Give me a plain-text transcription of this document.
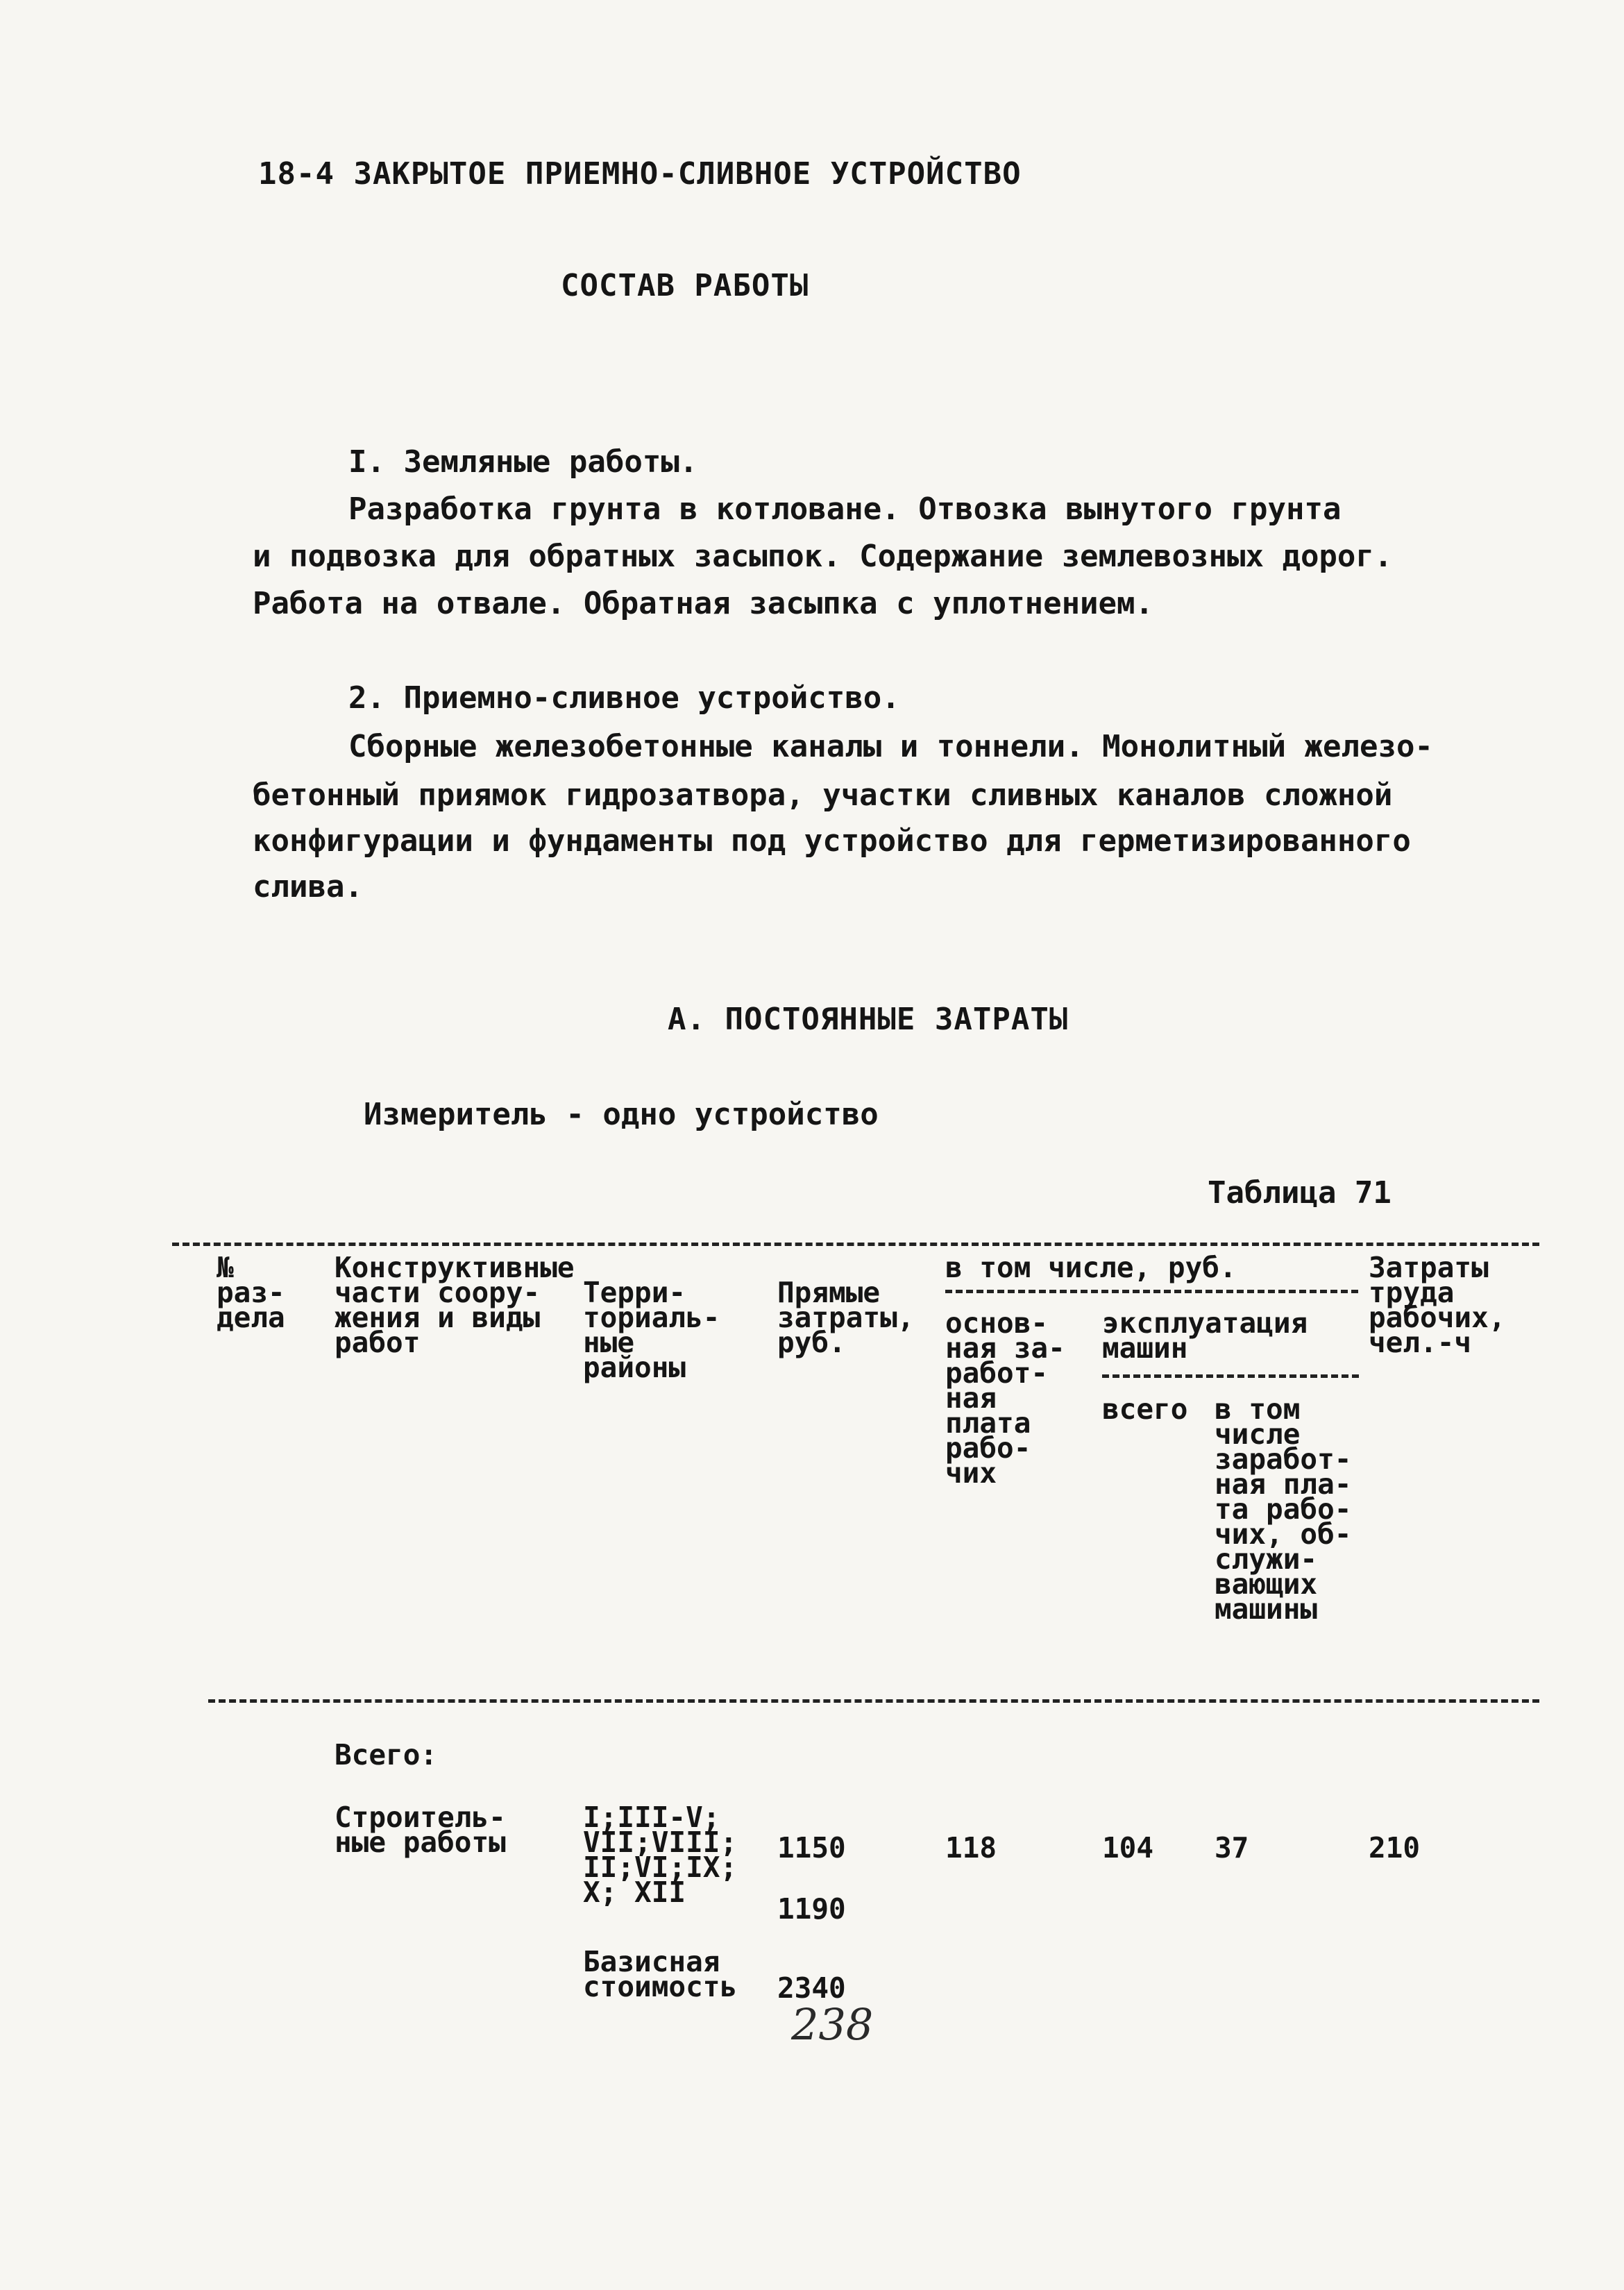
18-4 ЗАКРЫТОЕ ПРИЕМНО-СЛИВНОЕ УСТРОЙСТВО
СОСТАВ РАБОТЫ
I. Земляные работы.
Разработка грунта в котловане. Отвозка вынутого грунта
и подвозка для обратных засыпок. Содержание землевозных дорог.
Работа на отвале. Обратная засыпка с уплотнением.
2. Приемно-сливное устройство.
Сборные железобетонные каналы и тоннели. Монолитный железо-
бетонный приямок гидрозатвора, участки сливных каналов сложной
конфигурации и фундаменты под устройство для герметизированного
слива.
А. ПОСТОЯННЫЕ ЗАТРАТЫ
Измеритель - одно устройство
Таблица 71
№
раз-
дела
Конструктивные
части соору-
жения и виды
работ
Терри-
ториаль-
ные
районы
Прямые
затраты,
руб.
в том числе, руб.
основ-
ная за-
работ-
ная
плата
рабо-
чих
эксплуатация
машин
всего в том
числе
заработ-
ная пла-
та рабо-
чих, об-
служи-
вающих
машины
Затраты
труда
рабочих,
чел.-ч
Всего:
Строитель-
ные работы
I;III-V;
VII;VIII;
II;VI;IX;
X; XII
Базисная
стоимость
1150
1190
2340
118	104 37	210
238
